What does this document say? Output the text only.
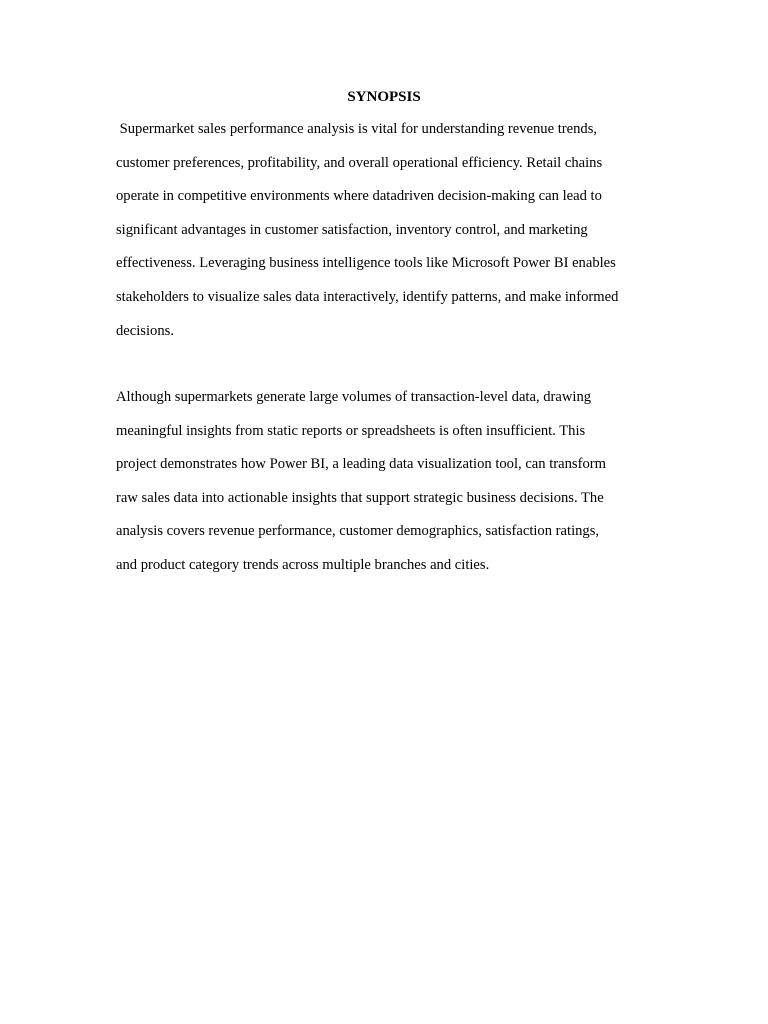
SYNOPSIS

Supermarket sales performance analysis is vital for understanding revenue trends,
customer preferences, profitability, and overall operational efficiency. Retail chains
operate in competitive environments where datadriven decision-making can lead to
significant advantages in customer satisfaction, inventory control, and marketing
effectiveness. Leveraging business intelligence tools like Microsoft Power BI enables
stakeholders to visualize sales data interactively, identify patterns, and make informed
decisions.

Although supermarkets generate large volumes of transaction-level data, drawing
meaningful insights from static reports or spreadsheets is often insufficient. This
project demonstrates how Power BI, a leading data visualization tool, can transform
raw sales data into actionable insights that support strategic business decisions. The
analysis covers revenue performance, customer demographics, satisfaction ratings,
and product category trends across multiple branches and cities.
